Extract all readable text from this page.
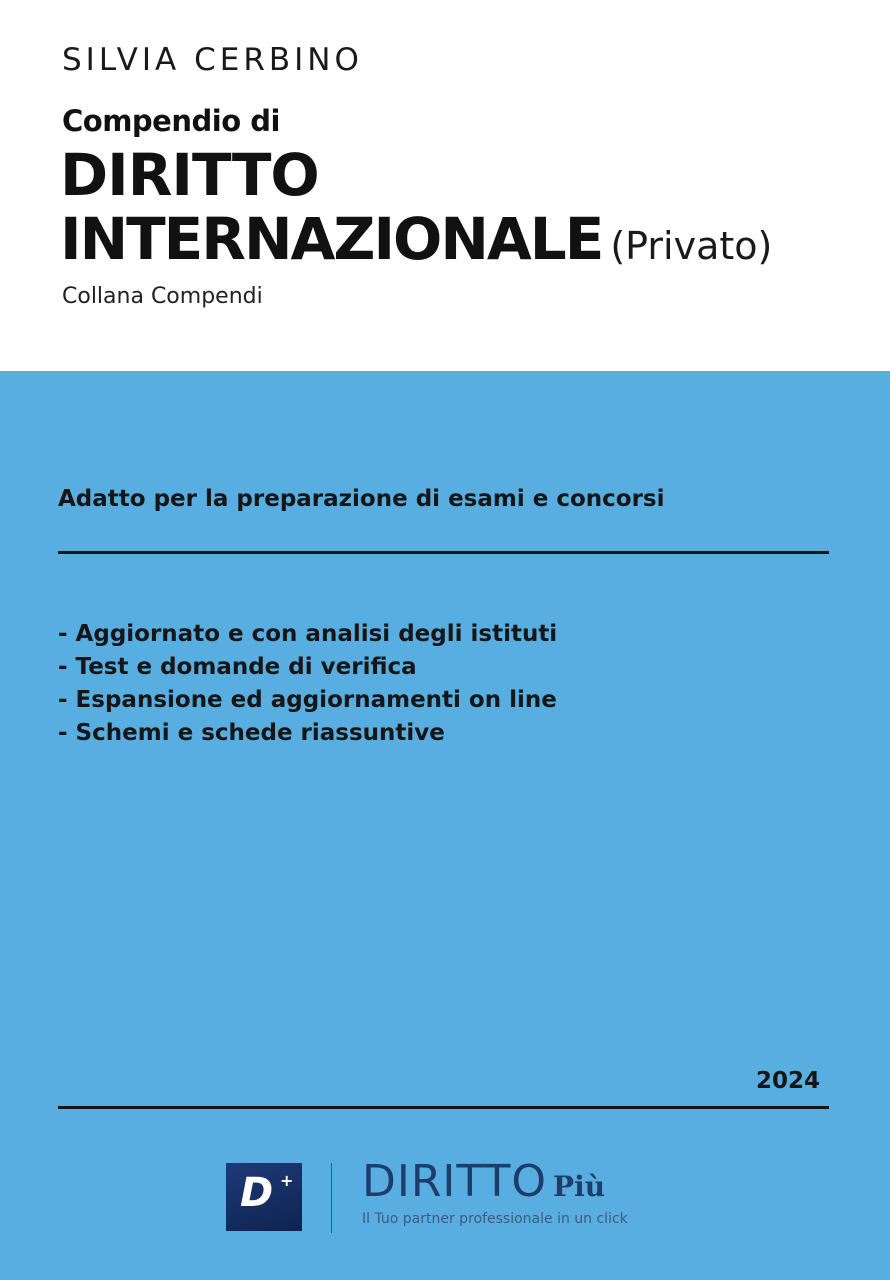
SILVIA CERBINO
Compendio di
DIRITTO
INTERNAZIONALE (Privato)
Collana Compendi
Adatto per la preparazione di esami e concorsi
- Aggiornato e con analisi degli istituti
- Test e domande di verifica
- Espansione ed aggiornamenti on line
- Schemi e schede riassuntive
2024
D + DIRITTO Più
Il Tuo partner professionale in un click
